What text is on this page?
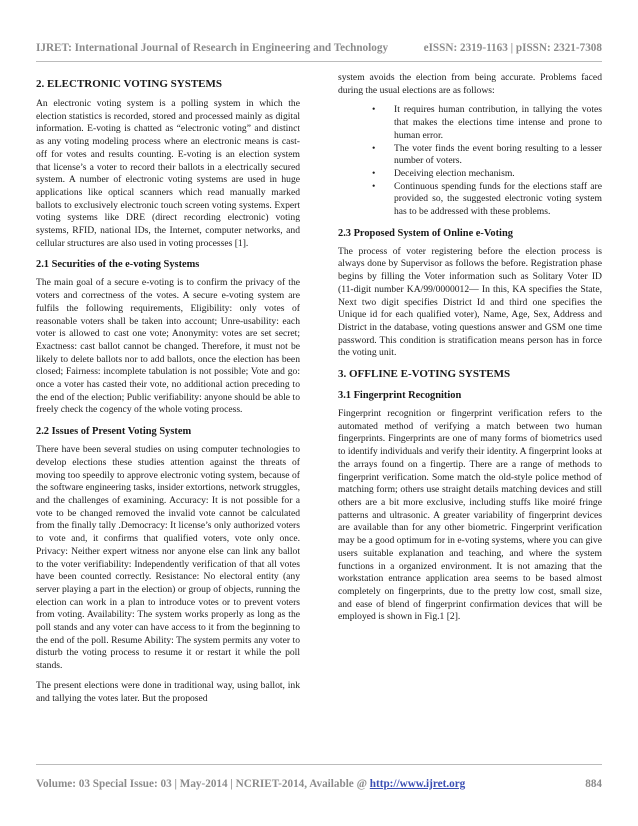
IJRET: International Journal of Research in Engineering and Technology	eISSN: 2319-1163 | pISSN: 2321-7308
2. ELECTRONIC VOTING SYSTEMS

An electronic voting system is a polling system in which the election statistics is recorded, stored and processed mainly as digital information. E-voting is chatted as “electronic voting” and distinct as any voting modeling process where an electronic means is cast-off for votes and results counting. E-voting is an election system that license’s a voter to record their ballots in a electrically secured system. A number of electronic voting systems are used in huge applications like optical scanners which read manually marked ballots to exclusively electronic touch screen voting systems. Expert voting systems like DRE (direct recording electronic) voting systems, RFID, national IDs, the Internet, computer networks, and cellular structures are also used in voting processes [1].

2.1 Securities of the e-voting Systems

The main goal of a secure e-voting is to confirm the privacy of the voters and correctness of the votes. A secure e-voting system are fulfils the following requirements, Eligibility: only votes of reasonable voters shall be taken into account; Unre-usability: each voter is allowed to cast one vote; Anonymity: votes are set secret; Exactness: cast ballot cannot be changed. Therefore, it must not be likely to delete ballots nor to add ballots, once the election has been closed; Fairness: incomplete tabulation is not possible; Vote and go: once a voter has casted their vote, no additional action preceding to the end of the election; Public verifiability: anyone should be able to freely check the cogency of the whole voting process.

2.2 Issues of Present Voting System

There have been several studies on using computer technologies to develop elections these studies attention against the threats of moving too speedily to approve electronic voting system, because of the software engineering tasks, insider extortions, network struggles, and the challenges of examining. Accuracy: It is not possible for a vote to be changed removed the invalid vote cannot be calculated from the finally tally .Democracy: It license’s only authorized voters to vote and, it confirms that qualified voters, vote only once. Privacy: Neither expert witness nor anyone else can link any ballot to the voter verifiability: Independently verification of that all votes have been counted correctly. Resistance: No electoral entity (any server playing a part in the election) or group of objects, running the election can work in a plan to introduce votes or to prevent voters from voting. Availability: The system works properly as long as the poll stands and any voter can have access to it from the beginning to the end of the poll. Resume Ability: The system permits any voter to disturb the voting process to resume it or restart it while the poll stands.

The present elections were done in traditional way, using ballot, ink and tallying the votes later. But the proposed

system avoids the election from being accurate. Problems faced during the usual elections are as follows:

• It requires human contribution, in tallying the votes that makes the elections time intense and prone to human error.
• The voter finds the event boring resulting to a lesser number of voters.
• Deceiving election mechanism.
• Continuous spending funds for the elections staff are provided so, the suggested electronic voting system has to be addressed with these problems.
2.3 Proposed System of Online e-Voting

The process of voter registering before the election process is always done by Supervisor as follows the before. Registration phase begins by filling the Voter information such as Solitary Voter ID (11-digit number KA/99/0000012— In this, KA specifies the State, Next two digit specifies District Id and third one specifies the Unique id for each qualified voter), Name, Age, Sex, Address and District in the database, voting questions answer and GSM one time password. This condition is stratification means person has in force the voting unit.

3. OFFLINE E-VOTING SYSTEMS
3.1 Fingerprint Recognition

Fingerprint recognition or fingerprint verification refers to the automated method of verifying a match between two human fingerprints. Fingerprints are one of many forms of biometrics used to identify individuals and verify their identity. A fingerprint looks at the arrays found on a fingertip. There are a range of methods to fingerprint verification. Some match the old-style police method of matching form; others use straight details matching devices and still others are a bit more exclusive, including stuffs like moiré fringe patterns and ultrasonic. A greater variability of fingerprint devices are available than for any other biometric. Fingerprint verification may be a good optimum for in e-voting systems, where you can give users suitable explanation and teaching, and where the system functions in a organized environment. It is not amazing that the workstation entrance application area seems to be based almost completely on fingerprints, due to the pretty low cost, small size, and ease of blend of fingerprint confirmation devices that will be employed is shown in Fig.1 [2].

Volume: 03 Special Issue: 03 | May-2014 | NCRIET-2014, Available @ http://www.ijret.org	884
